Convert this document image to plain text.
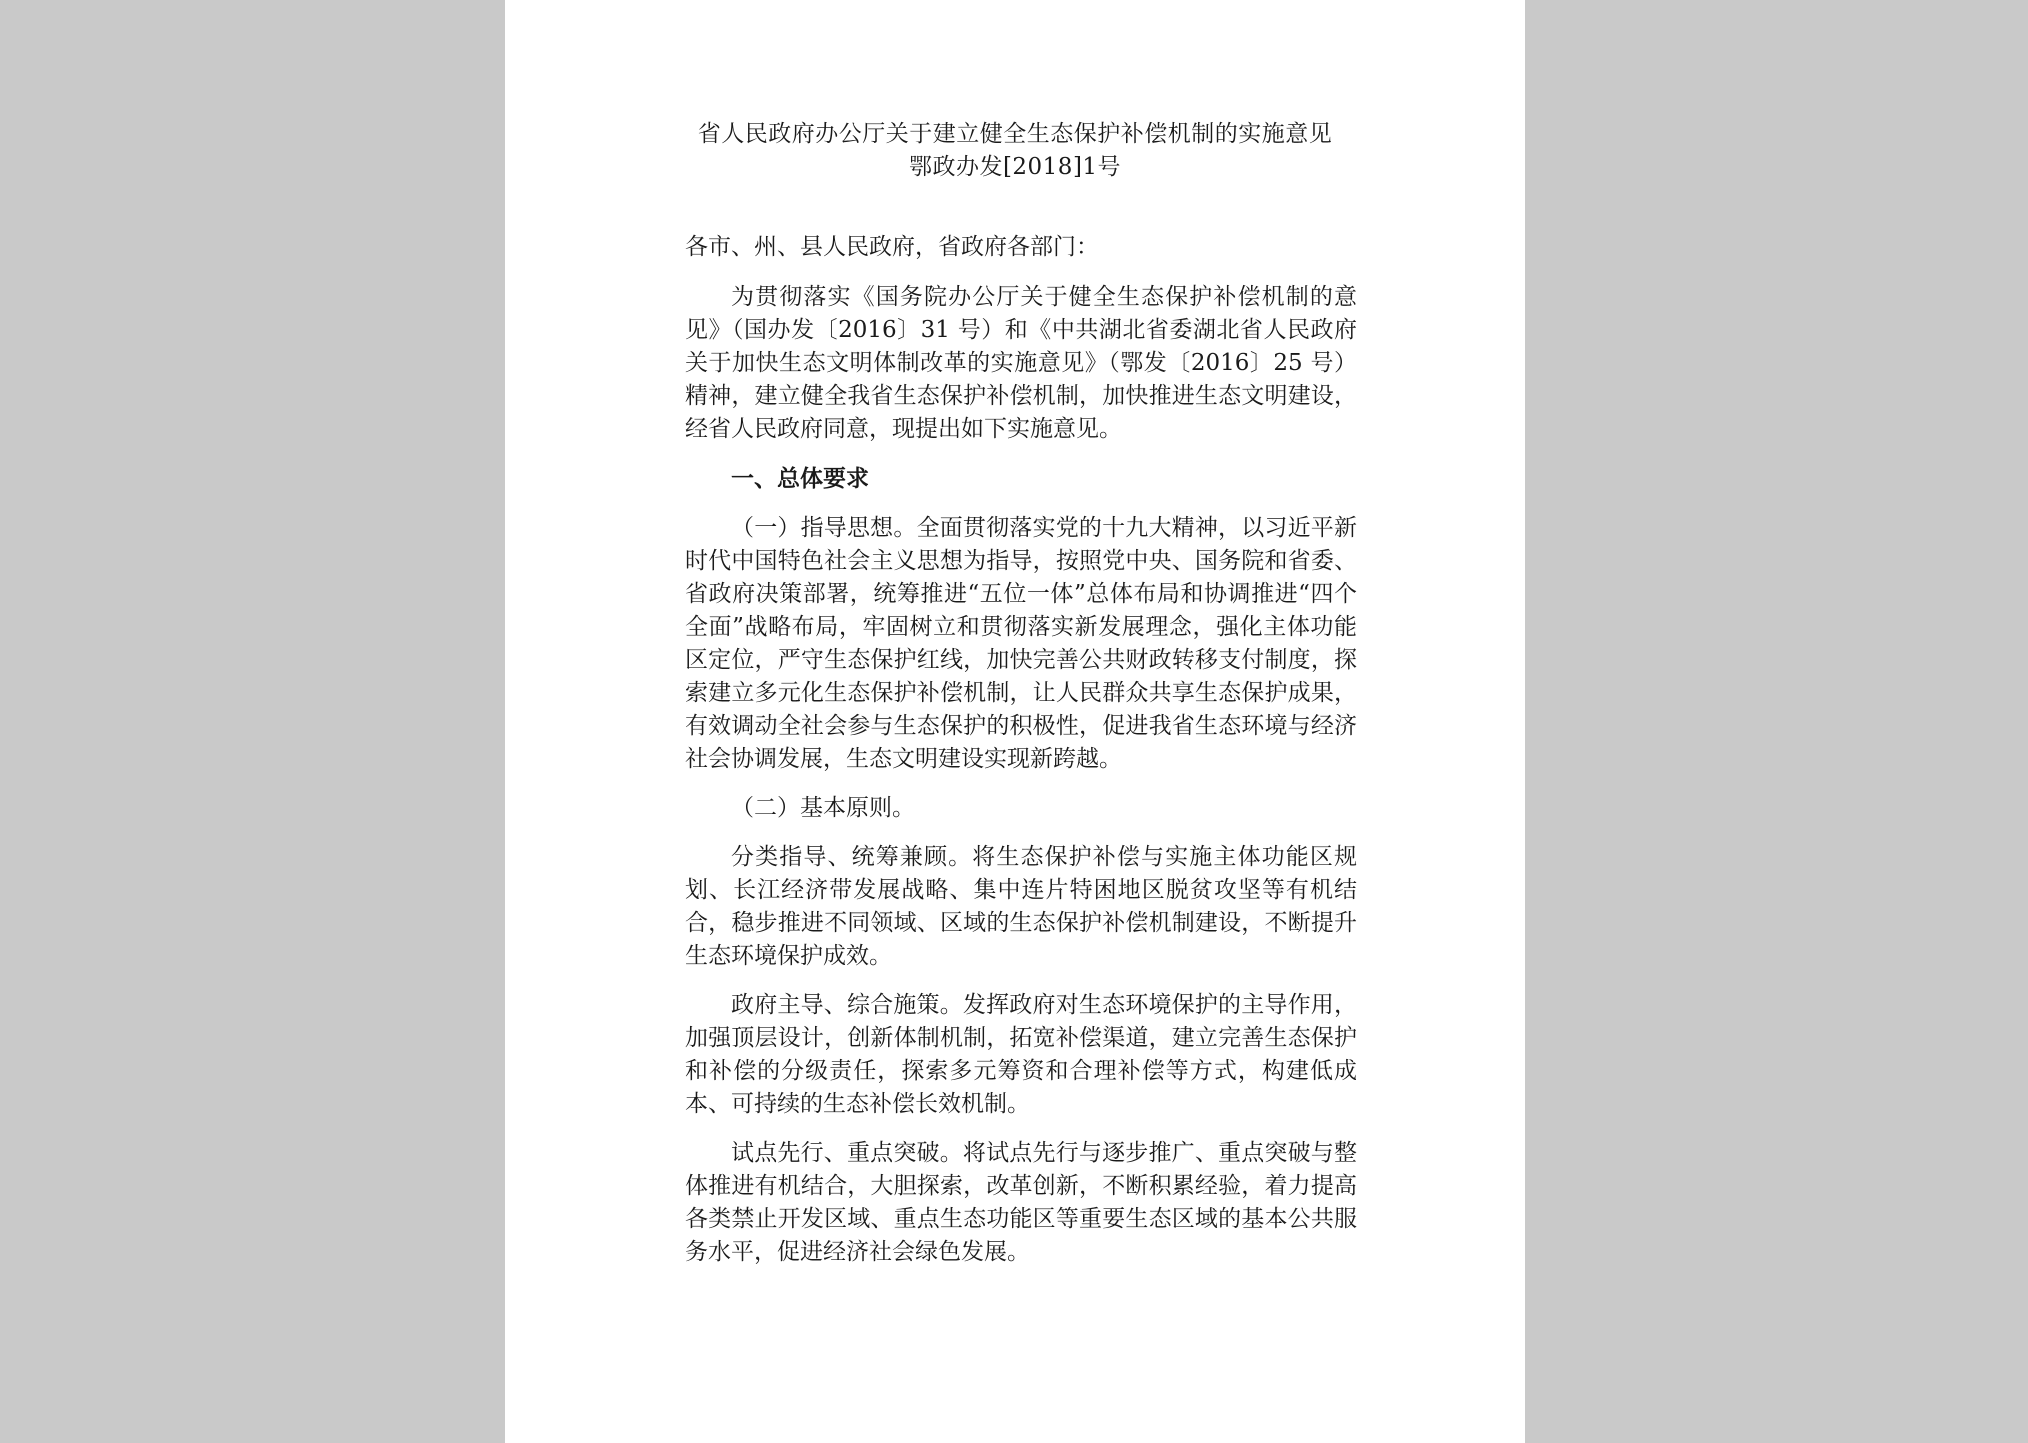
省人民政府办公厅关于建立健全生态保护补偿机制的实施意见
鄂政办发[2018]1号

各市、州、县人民政府，省政府各部门：

为贯彻落实《国务院办公厅关于健全生态保护补偿机制的意见》（国办发〔2016〕31 号）和《中共湖北省委湖北省人民政府关于加快生态文明体制改革的实施意见》（鄂发〔2016〕25 号）精神，建立健全我省生态保护补偿机制，加快推进生态文明建设，经省人民政府同意，现提出如下实施意见。

一、总体要求

（一）指导思想。全面贯彻落实党的十九大精神，以习近平新时代中国特色社会主义思想为指导，按照党中央、国务院和省委、省政府决策部署，统筹推进“五位一体”总体布局和协调推进“四个全面”战略布局，牢固树立和贯彻落实新发展理念，强化主体功能区定位，严守生态保护红线，加快完善公共财政转移支付制度，探索建立多元化生态保护补偿机制，让人民群众共享生态保护成果，有效调动全社会参与生态保护的积极性，促进我省生态环境与经济社会协调发展，生态文明建设实现新跨越。

（二）基本原则。

分类指导、统筹兼顾。将生态保护补偿与实施主体功能区规划、长江经济带发展战略、集中连片特困地区脱贫攻坚等有机结合，稳步推进不同领域、区域的生态保护补偿机制建设，不断提升生态环境保护成效。

政府主导、综合施策。发挥政府对生态环境保护的主导作用，加强顶层设计，创新体制机制，拓宽补偿渠道，建立完善生态保护和补偿的分级责任，探索多元筹资和合理补偿等方式，构建低成本、可持续的生态补偿长效机制。

试点先行、重点突破。将试点先行与逐步推广、重点突破与整体推进有机结合，大胆探索，改革创新，不断积累经验，着力提高各类禁止开发区域、重点生态功能区等重要生态区域的基本公共服务水平，促进经济社会绿色发展。
